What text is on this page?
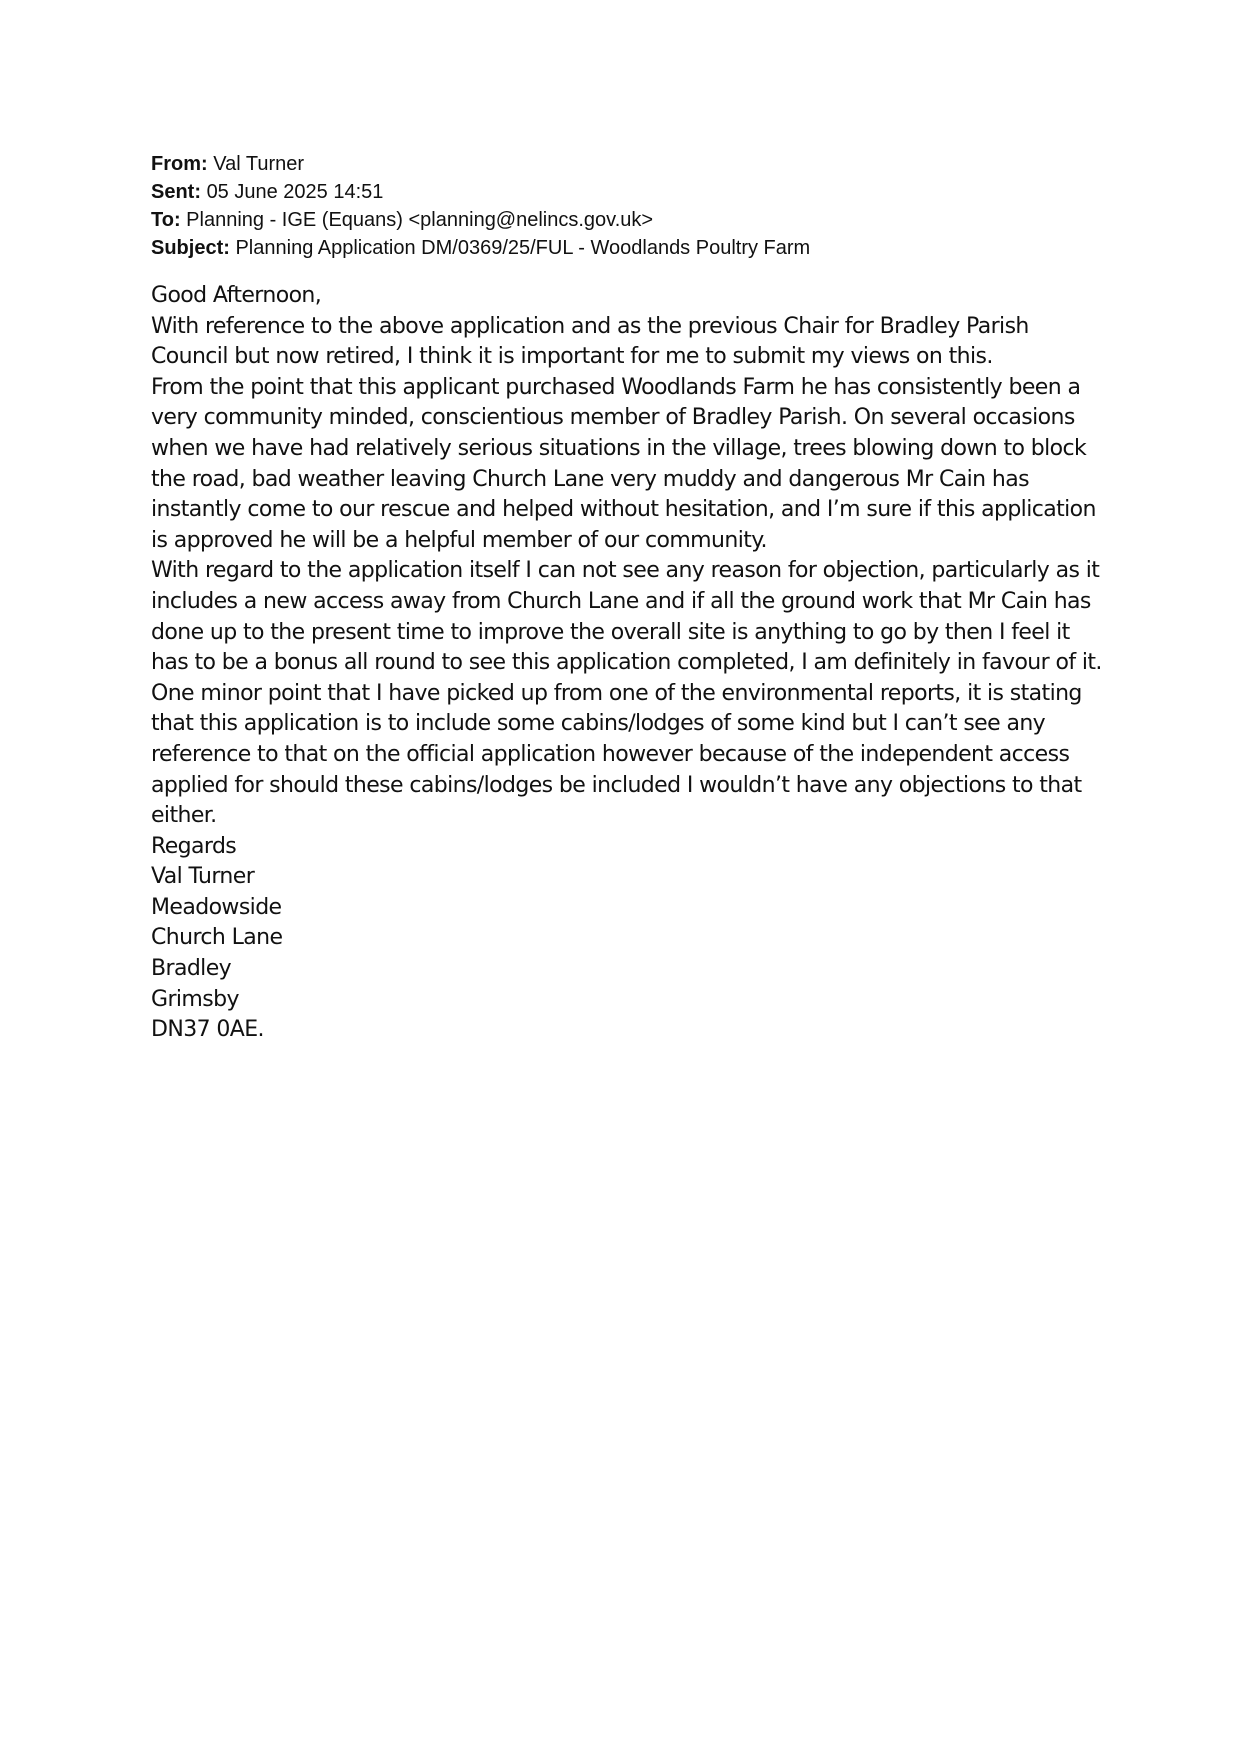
From: Val Turner
Sent: 05 June 2025 14:51
To: Planning - IGE (Equans) <planning@nelincs.gov.uk>
Subject: Planning Application DM/0369/25/FUL - Woodlands Poultry Farm

Good Afternoon,

With reference to the above application and as the previous Chair for Bradley Parish Council but now retired, I think it is important for me to submit my views on this.

From the point that this applicant purchased Woodlands Farm he has consistently been a very community minded, conscientious member of Bradley Parish. On several occasions when we have had relatively serious situations in the village, trees blowing down to block the road, bad weather leaving Church Lane very muddy and dangerous Mr Cain has instantly come to our rescue and helped without hesitation, and I’m sure if this application is approved he will be a helpful member of our community.

With regard to the application itself I can not see any reason for objection, particularly as it includes a new access away from Church Lane and if all the ground work that Mr Cain has done up to the present time to improve the overall site is anything to go by then I feel it has to be a bonus all round to see this application completed, I am definitely in favour of it.

One minor point that I have picked up from one of the environmental reports, it is stating that this application is to include some cabins/lodges of some kind but I can’t see any reference to that on the official application however because of the independent access applied for should these cabins/lodges be included I wouldn’t have any objections to that either.

Regards

Val Turner

Meadowside

Church Lane

Bradley

Grimsby

DN37 0AE.
